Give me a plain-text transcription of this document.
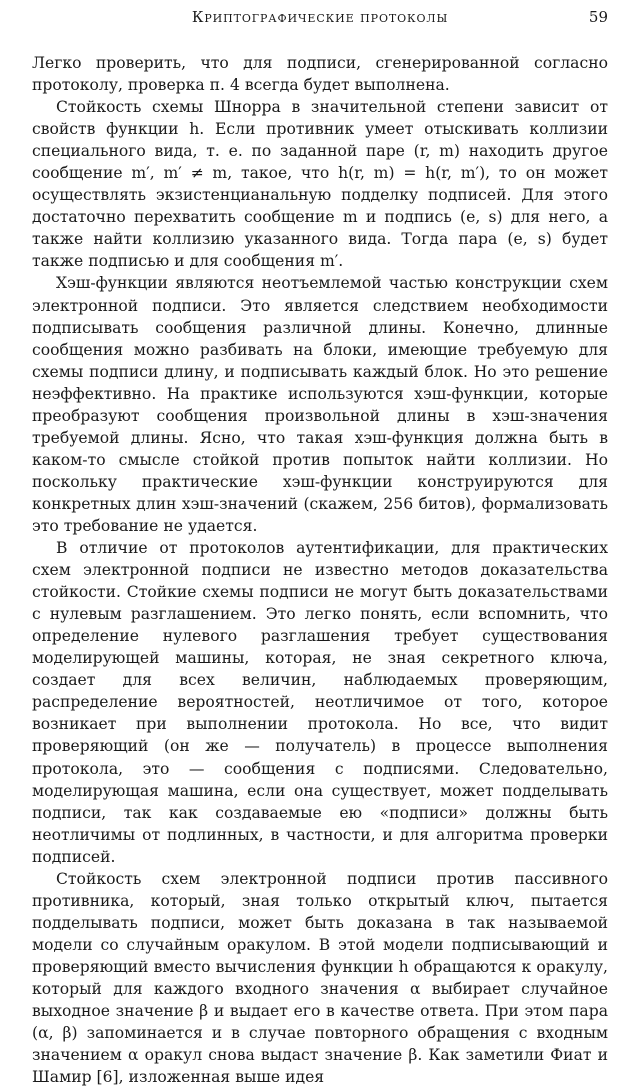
Криптографические протоколы	59

Легко проверить, что для подписи, сгенерированной согласно протоколу, проверка п. 4 всегда будет выполнена.

Стойкость схемы Шнорра в значительной степени зависит от свойств функции h. Если противник умеет отыскивать коллизии специального вида, т. е. по заданной паре (r, m) находить другое сообщение m′, m′ ≠ m, такое, что h(r, m) = h(r, m′), то он может осуществлять экзистенцианальную подделку подписей. Для этого достаточно перехватить сообщение m и подпись (e, s) для него, а также найти коллизию указанного вида. Тогда пара (e, s) будет также подписью и для сообщения m′.

Хэш-функции являются неотъемлемой частью конструкции схем электронной подписи. Это является следствием необходимости подписывать сообщения различной длины. Конечно, длинные сообщения можно разбивать на блоки, имеющие требуемую для схемы подписи длину, и подписывать каждый блок. Но это решение неэффективно. На практике используются хэш-функции, которые преобразуют сообщения произвольной длины в хэш-значения требуемой длины. Ясно, что такая хэш-функция должна быть в каком-то смысле стойкой против попыток найти коллизии. Но поскольку практические хэш-функции конструируются для конкретных длин хэш-значений (скажем, 256 битов), формализовать это требование не удается.

В отличие от протоколов аутентификации, для практических схем электронной подписи не известно методов доказательства стойкости. Стойкие схемы подписи не могут быть доказательствами с нулевым разглашением. Это легко понять, если вспомнить, что определение нулевого разглашения требует существования моделирующей машины, которая, не зная секретного ключа, создает для всех величин, наблюдаемых проверяющим, распределение вероятностей, неотличимое от того, которое возникает при выполнении протокола. Но все, что видит проверяющий (он же — получатель) в процессе выполнения протокола, это — сообщения с подписями. Следовательно, моделирующая машина, если она существует, может подделывать подписи, так как создаваемые ею «подписи» должны быть неотличимы от подлинных, в частности, и для алгоритма проверки подписей.

Стойкость схем электронной подписи против пассивного противника, который, зная только открытый ключ, пытается подделывать подписи, может быть доказана в так называемой модели со случайным оракулом. В этой модели подписывающий и проверяющий вместо вычисления функции h обращаются к оракулу, который для каждого входного значения α выбирает случайное выходное значение β и выдает его в качестве ответа. При этом пара (α, β) запоминается и в случае повторного обращения с входным значением α оракул снова выдаст значение β. Как заметили Фиат и Шамир [6], изложенная выше идея
